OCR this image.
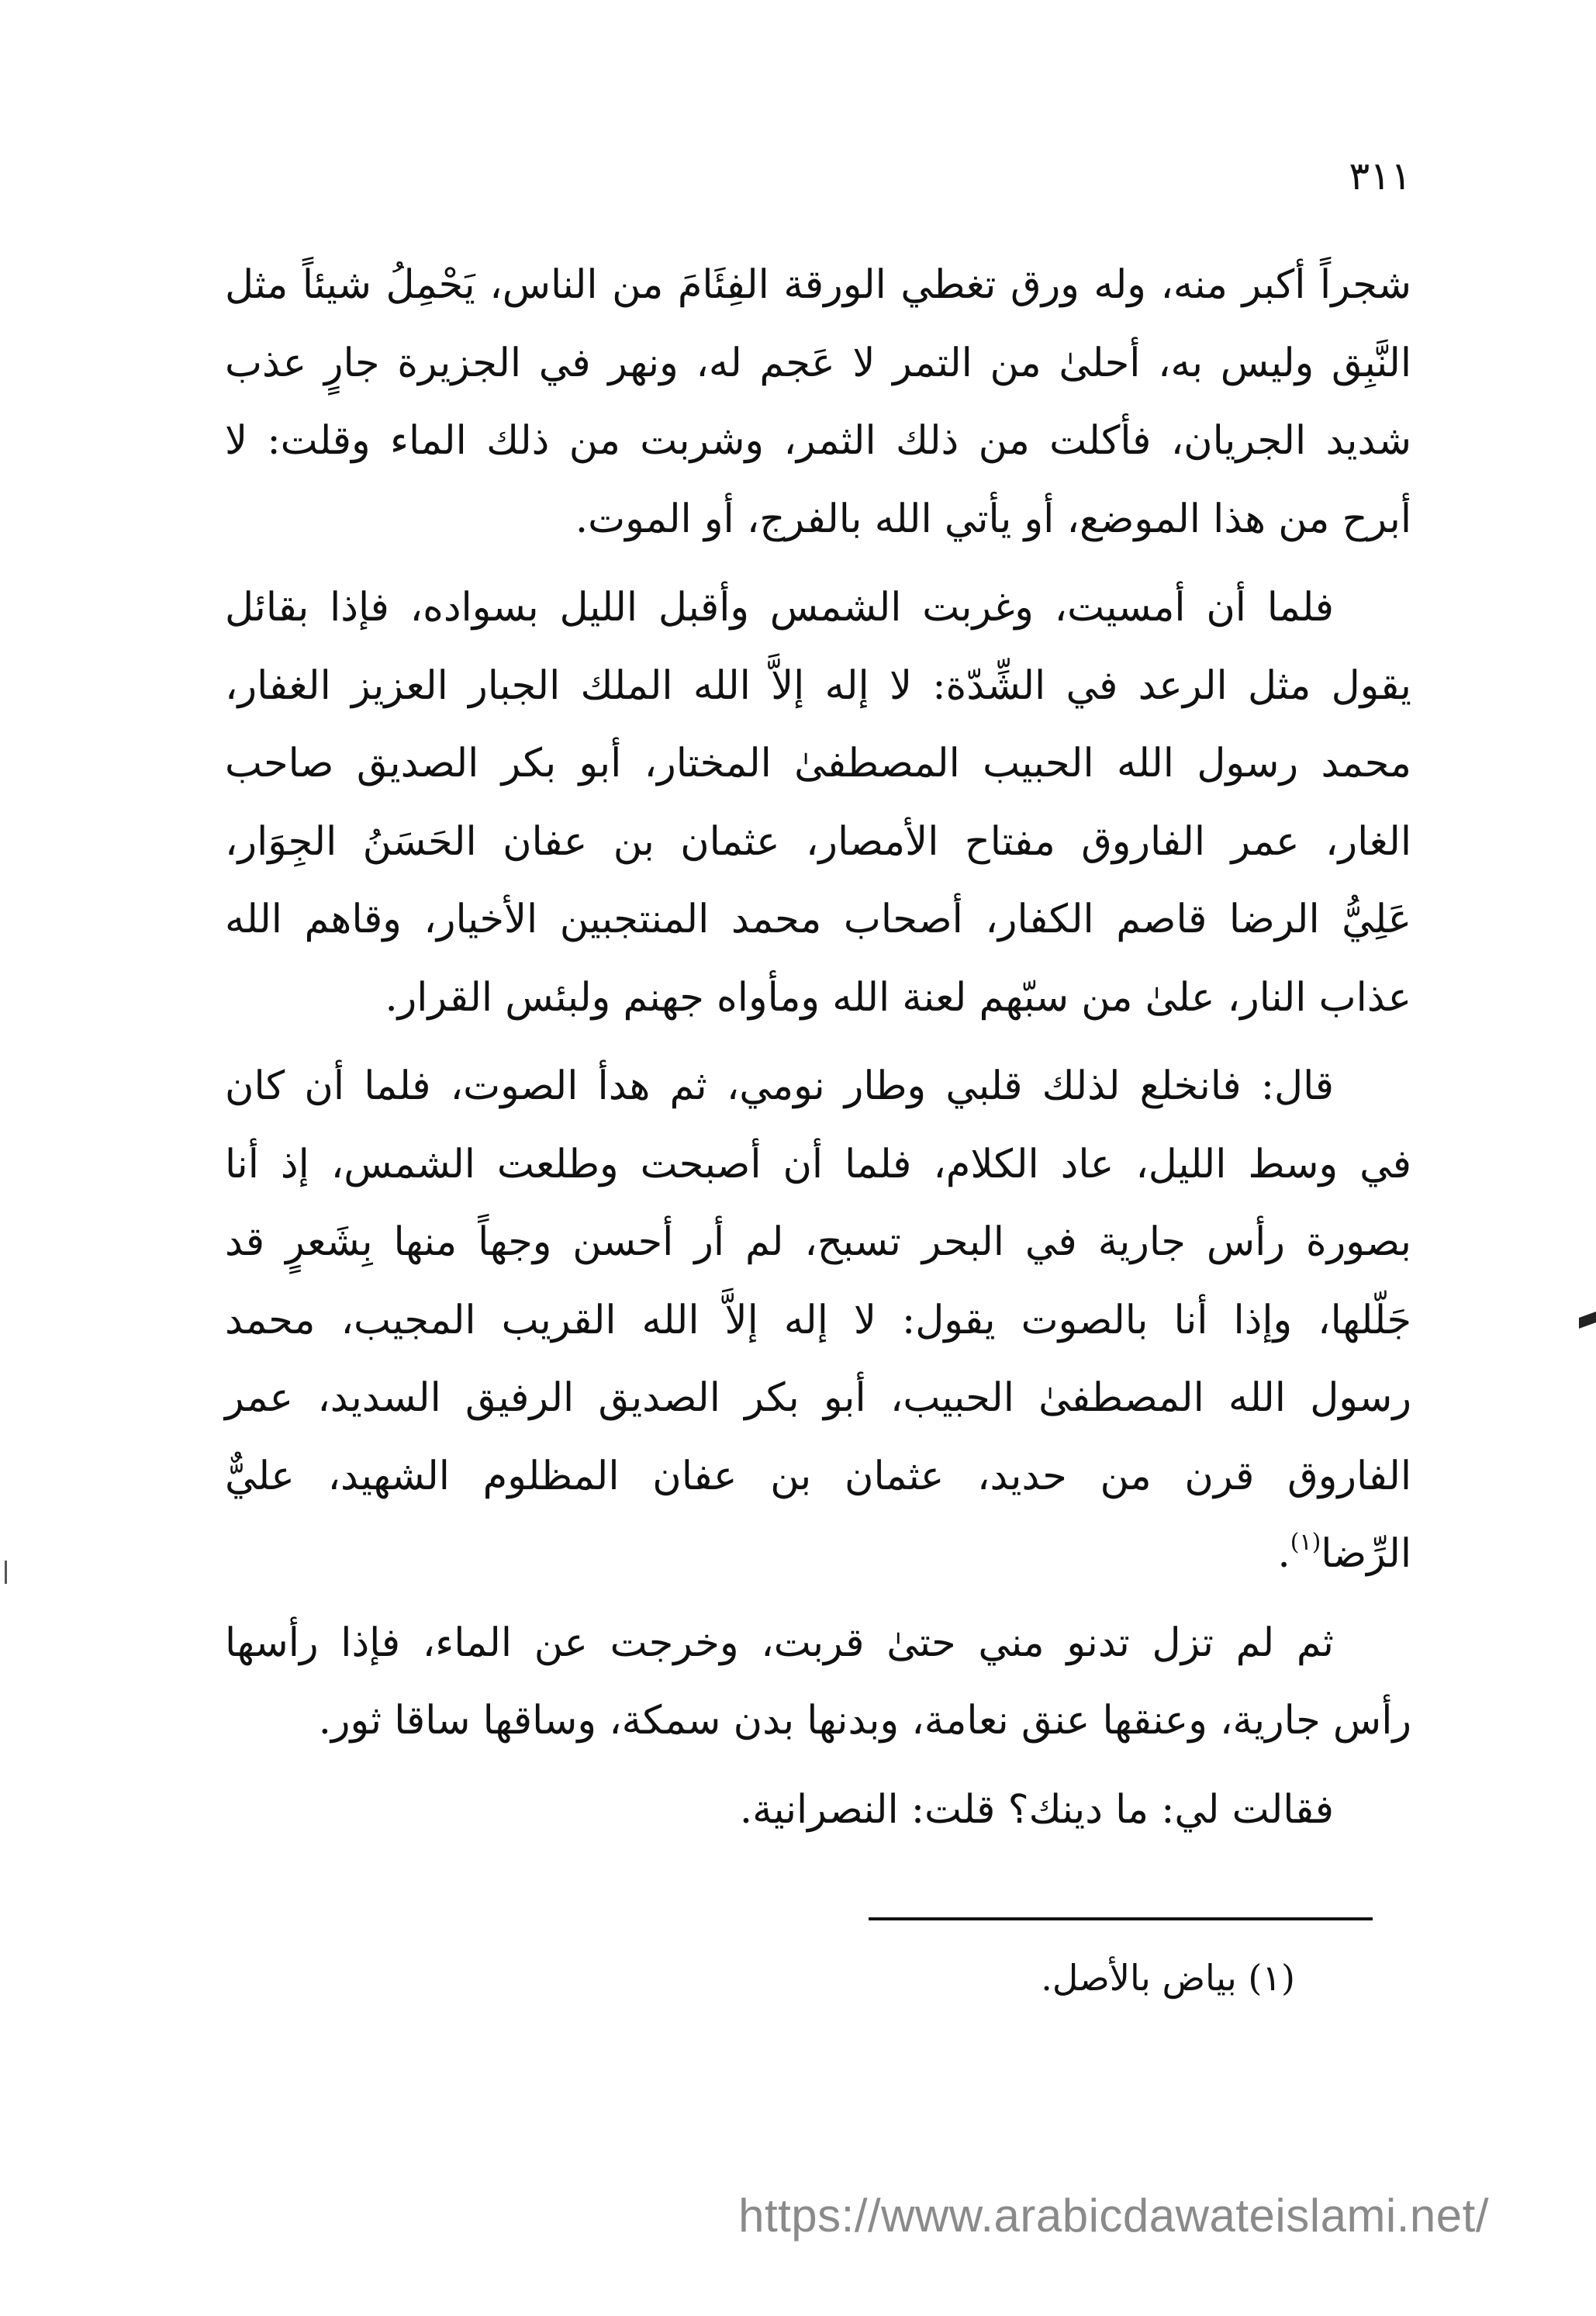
٣١١

شجراً أكبر منه، وله ورق تغطي الورقة الفِئَامَ من الناس، يَحْمِلُ شيئاً مثل
النَّبِق وليس به، أحلىٰ من التمر لا عَجم له، ونهر في الجزيرة جارٍ عذب
شديد الجريان، فأكلت من ذلك الثمر، وشربت من ذلك الماء وقلت: لا
أبرح من هذا الموضع، أو يأتي الله بالفرج، أو الموت.

فلما أن أمسيت، وغربت الشمس وأقبل الليل بسواده، فإذا بقائل
يقول مثل الرعد في الشِّدّة: لا إله إلاَّ الله الملك الجبار العزيز الغفار،
محمد رسول الله الحبيب المصطفىٰ المختار، أبو بكر الصديق صاحب
الغار، عمر الفاروق مفتاح الأمصار، عثمان بن عفان الحَسَنُ الجِوَار،
عَلِيُّ الرضا قاصم الكفار، أصحاب محمد المنتجبين الأخيار، وقاهم الله
عذاب النار، علىٰ من سبّهم لعنة الله ومأواه جهنم ولبئس القرار.

قال: فانخلع لذلك قلبي وطار نومي، ثم هدأ الصوت، فلما أن كان
في وسط الليل، عاد الكلام، فلما أن أصبحت وطلعت الشمس، إذ أنا
بصورة رأس جارية في البحر تسبح، لم أر أحسن وجهاً منها بِشَعرٍ قد
جَلّلها، وإذا أنا بالصوت يقول: لا إله إلاَّ الله القريب المجيب، محمد
رسول الله المصطفىٰ الحبيب، أبو بكر الصديق الرفيق السديد، عمر
الفاروق قرن من حديد، عثمان بن عفان المظلوم الشهيد، عليٌّ
الرِّضا$^{(١)}$.

ثم لم تزل تدنو مني حتىٰ قربت، وخرجت عن الماء، فإذا رأسها
رأس جارية، وعنقها عنق نعامة، وبدنها بدن سمكة، وساقها ساقا ثور.

فقالت لي: ما دينك؟ قلت: النصرانية.

(١) بياض بالأصل.
https://www.arabicdawateislami.net/
